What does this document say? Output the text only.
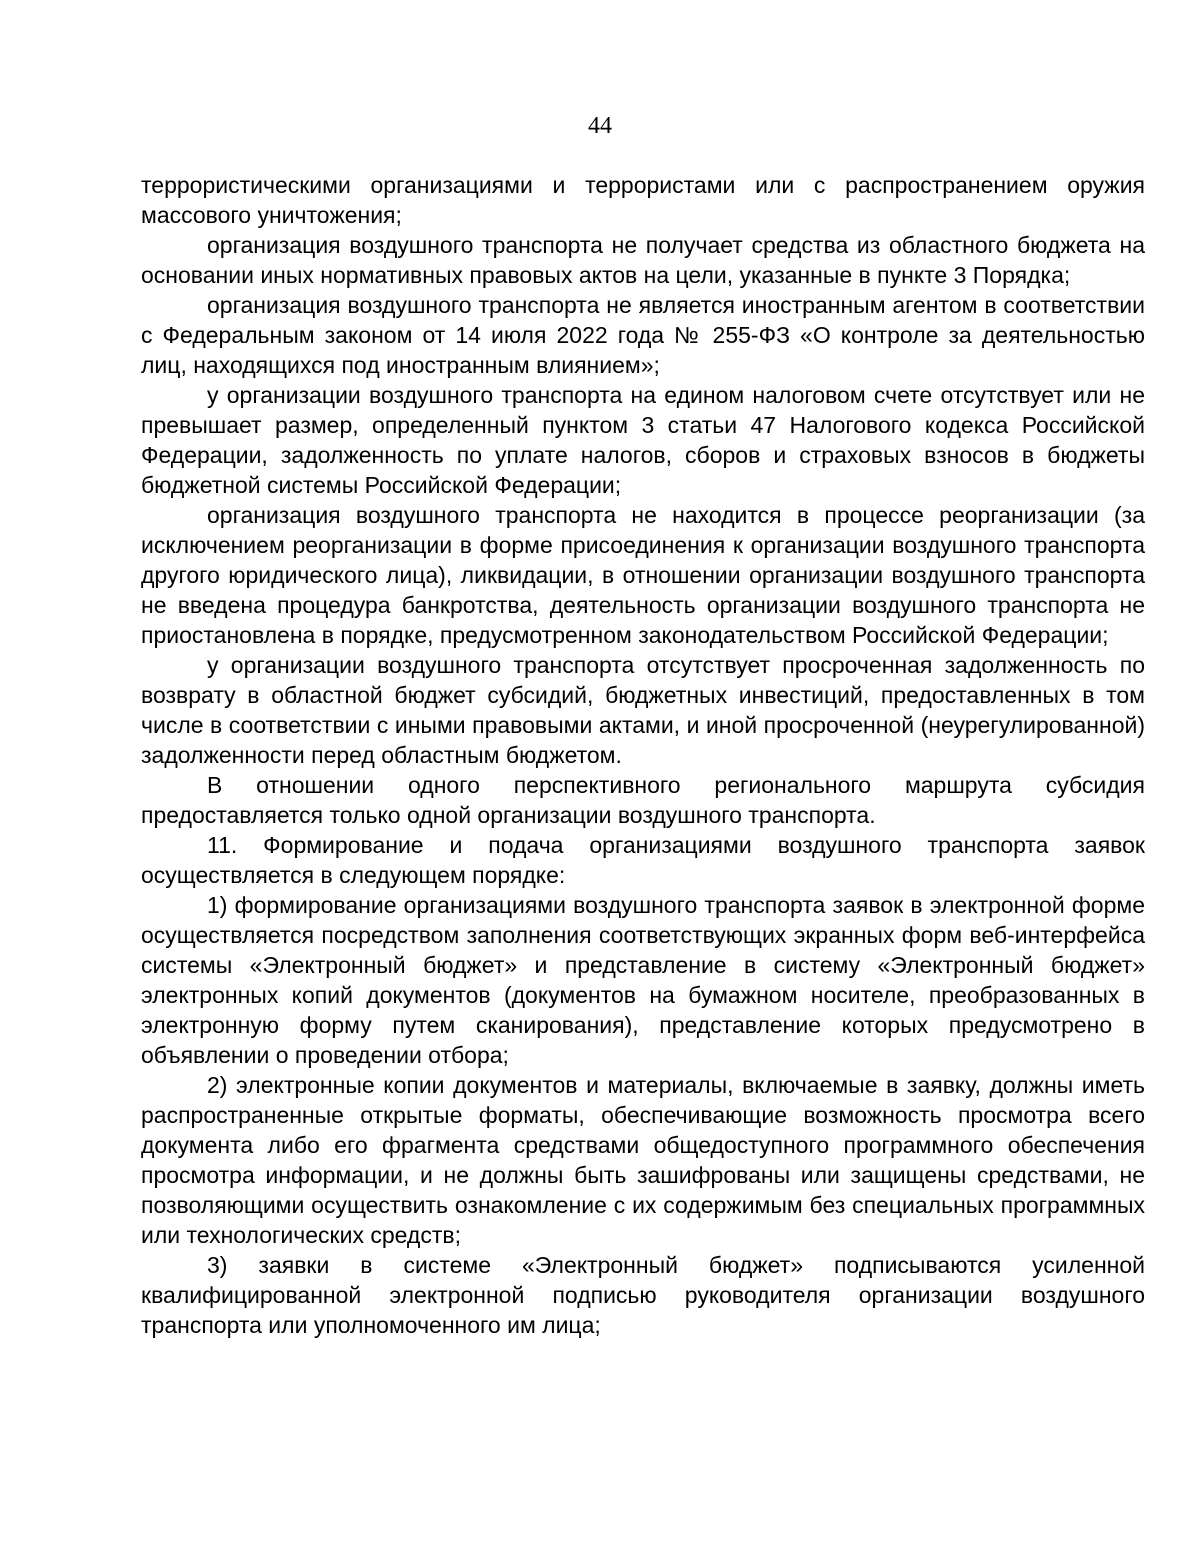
44

террористическими организациями и террористами или с распространением оружия массового уничтожения;

организация воздушного транспорта не получает средства из областного бюджета на основании иных нормативных правовых актов на цели, указанные в пункте 3 Порядка;

организация воздушного транспорта не является иностранным агентом в соответствии с Федеральным законом от 14 июля 2022 года № 255-ФЗ «О контроле за деятельностью лиц, находящихся под иностранным влиянием»;

у организации воздушного транспорта на едином налоговом счете отсутствует или не превышает размер, определенный пунктом 3 статьи 47 Налогового кодекса Российской Федерации, задолженность по уплате налогов, сборов и страховых взносов в бюджеты бюджетной системы Российской Федерации;

организация воздушного транспорта не находится в процессе реорганизации (за исключением реорганизации в форме присоединения к организации воздушного транспорта другого юридического лица), ликвидации, в отношении организации воздушного транспорта не введена процедура банкротства, деятельность организации воздушного транспорта не приостановлена в порядке, предусмотренном законодательством Российской Федерации;

у организации воздушного транспорта отсутствует просроченная задолженность по возврату в областной бюджет субсидий, бюджетных инвестиций, предоставленных в том числе в соответствии с иными правовыми актами, и иной просроченной (неурегулированной) задолженности перед областным бюджетом.

В отношении одного перспективного регионального маршрута субсидия предоставляется только одной организации воздушного транспорта.

11. Формирование и подача организациями воздушного транспорта заявок осуществляется в следующем порядке:

1) формирование организациями воздушного транспорта заявок в электронной форме осуществляется посредством заполнения соответствующих экранных форм веб-интерфейса системы «Электронный бюджет» и представление в систему «Электронный бюджет» электронных копий документов (документов на бумажном носителе, преобразованных в электронную форму путем сканирования), представление которых предусмотрено в объявлении о проведении отбора;

2) электронные копии документов и материалы, включаемые в заявку, должны иметь распространенные открытые форматы, обеспечивающие возможность просмотра всего документа либо его фрагмента средствами общедоступного программного обеспечения просмотра информации, и не должны быть зашифрованы или защищены средствами, не позволяющими осуществить ознакомление с их содержимым без специальных программных или технологических средств;

3) заявки в системе «Электронный бюджет» подписываются усиленной квалифицированной электронной подписью руководителя организации воздушного транспорта или уполномоченного им лица;
